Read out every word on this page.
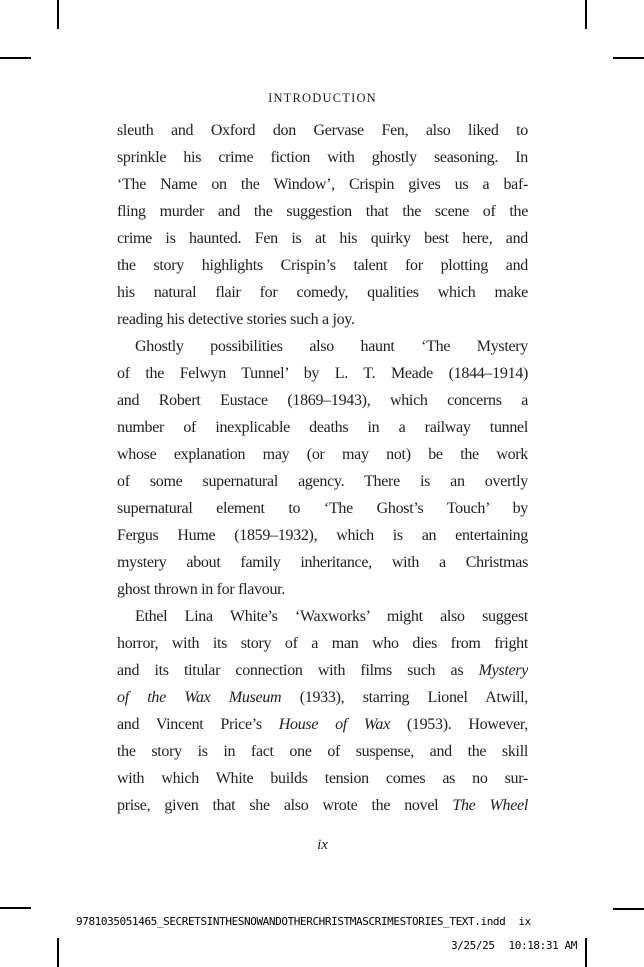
INTRODUCTION
sleuth and Oxford don Gervase Fen, also liked to
sprinkle his crime fiction with ghostly seasoning. In
‘The Name on the Window’, Crispin gives us a baf-
fling murder and the suggestion that the scene of the
crime is haunted. Fen is at his quirky best here, and
the story highlights Crispin’s talent for plotting and
his natural flair for comedy, qualities which make
reading his detective stories such a joy.
Ghostly possibilities also haunt ‘The Mystery
of the Felwyn Tunnel’ by L. T. Meade (1844–1914)
and Robert Eustace (1869–1943), which concerns a
number of inexplicable deaths in a railway tunnel
whose explanation may (or may not) be the work
of some supernatural agency. There is an overtly
supernatural element to ‘The Ghost’s Touch’ by
Fergus Hume (1859–1932), which is an entertaining
mystery about family inheritance, with a Christmas
ghost thrown in for flavour.
Ethel Lina White’s ‘Waxworks’ might also suggest
horror, with its story of a man who dies from fright
and its titular connection with films such as Mystery
of the Wax Museum (1933), starring Lionel Atwill,
and Vincent Price’s House of Wax (1953). However,
the story is in fact one of suspense, and the skill
with which White builds tension comes as no sur-
prise, given that she also wrote the novel The Wheel
ix
9781035051465_SECRETSINTHESNOWANDOTHERCHRISTMASCRIMESTORIES_TEXT.indd ix
3/25/25 10:18:31 AM
